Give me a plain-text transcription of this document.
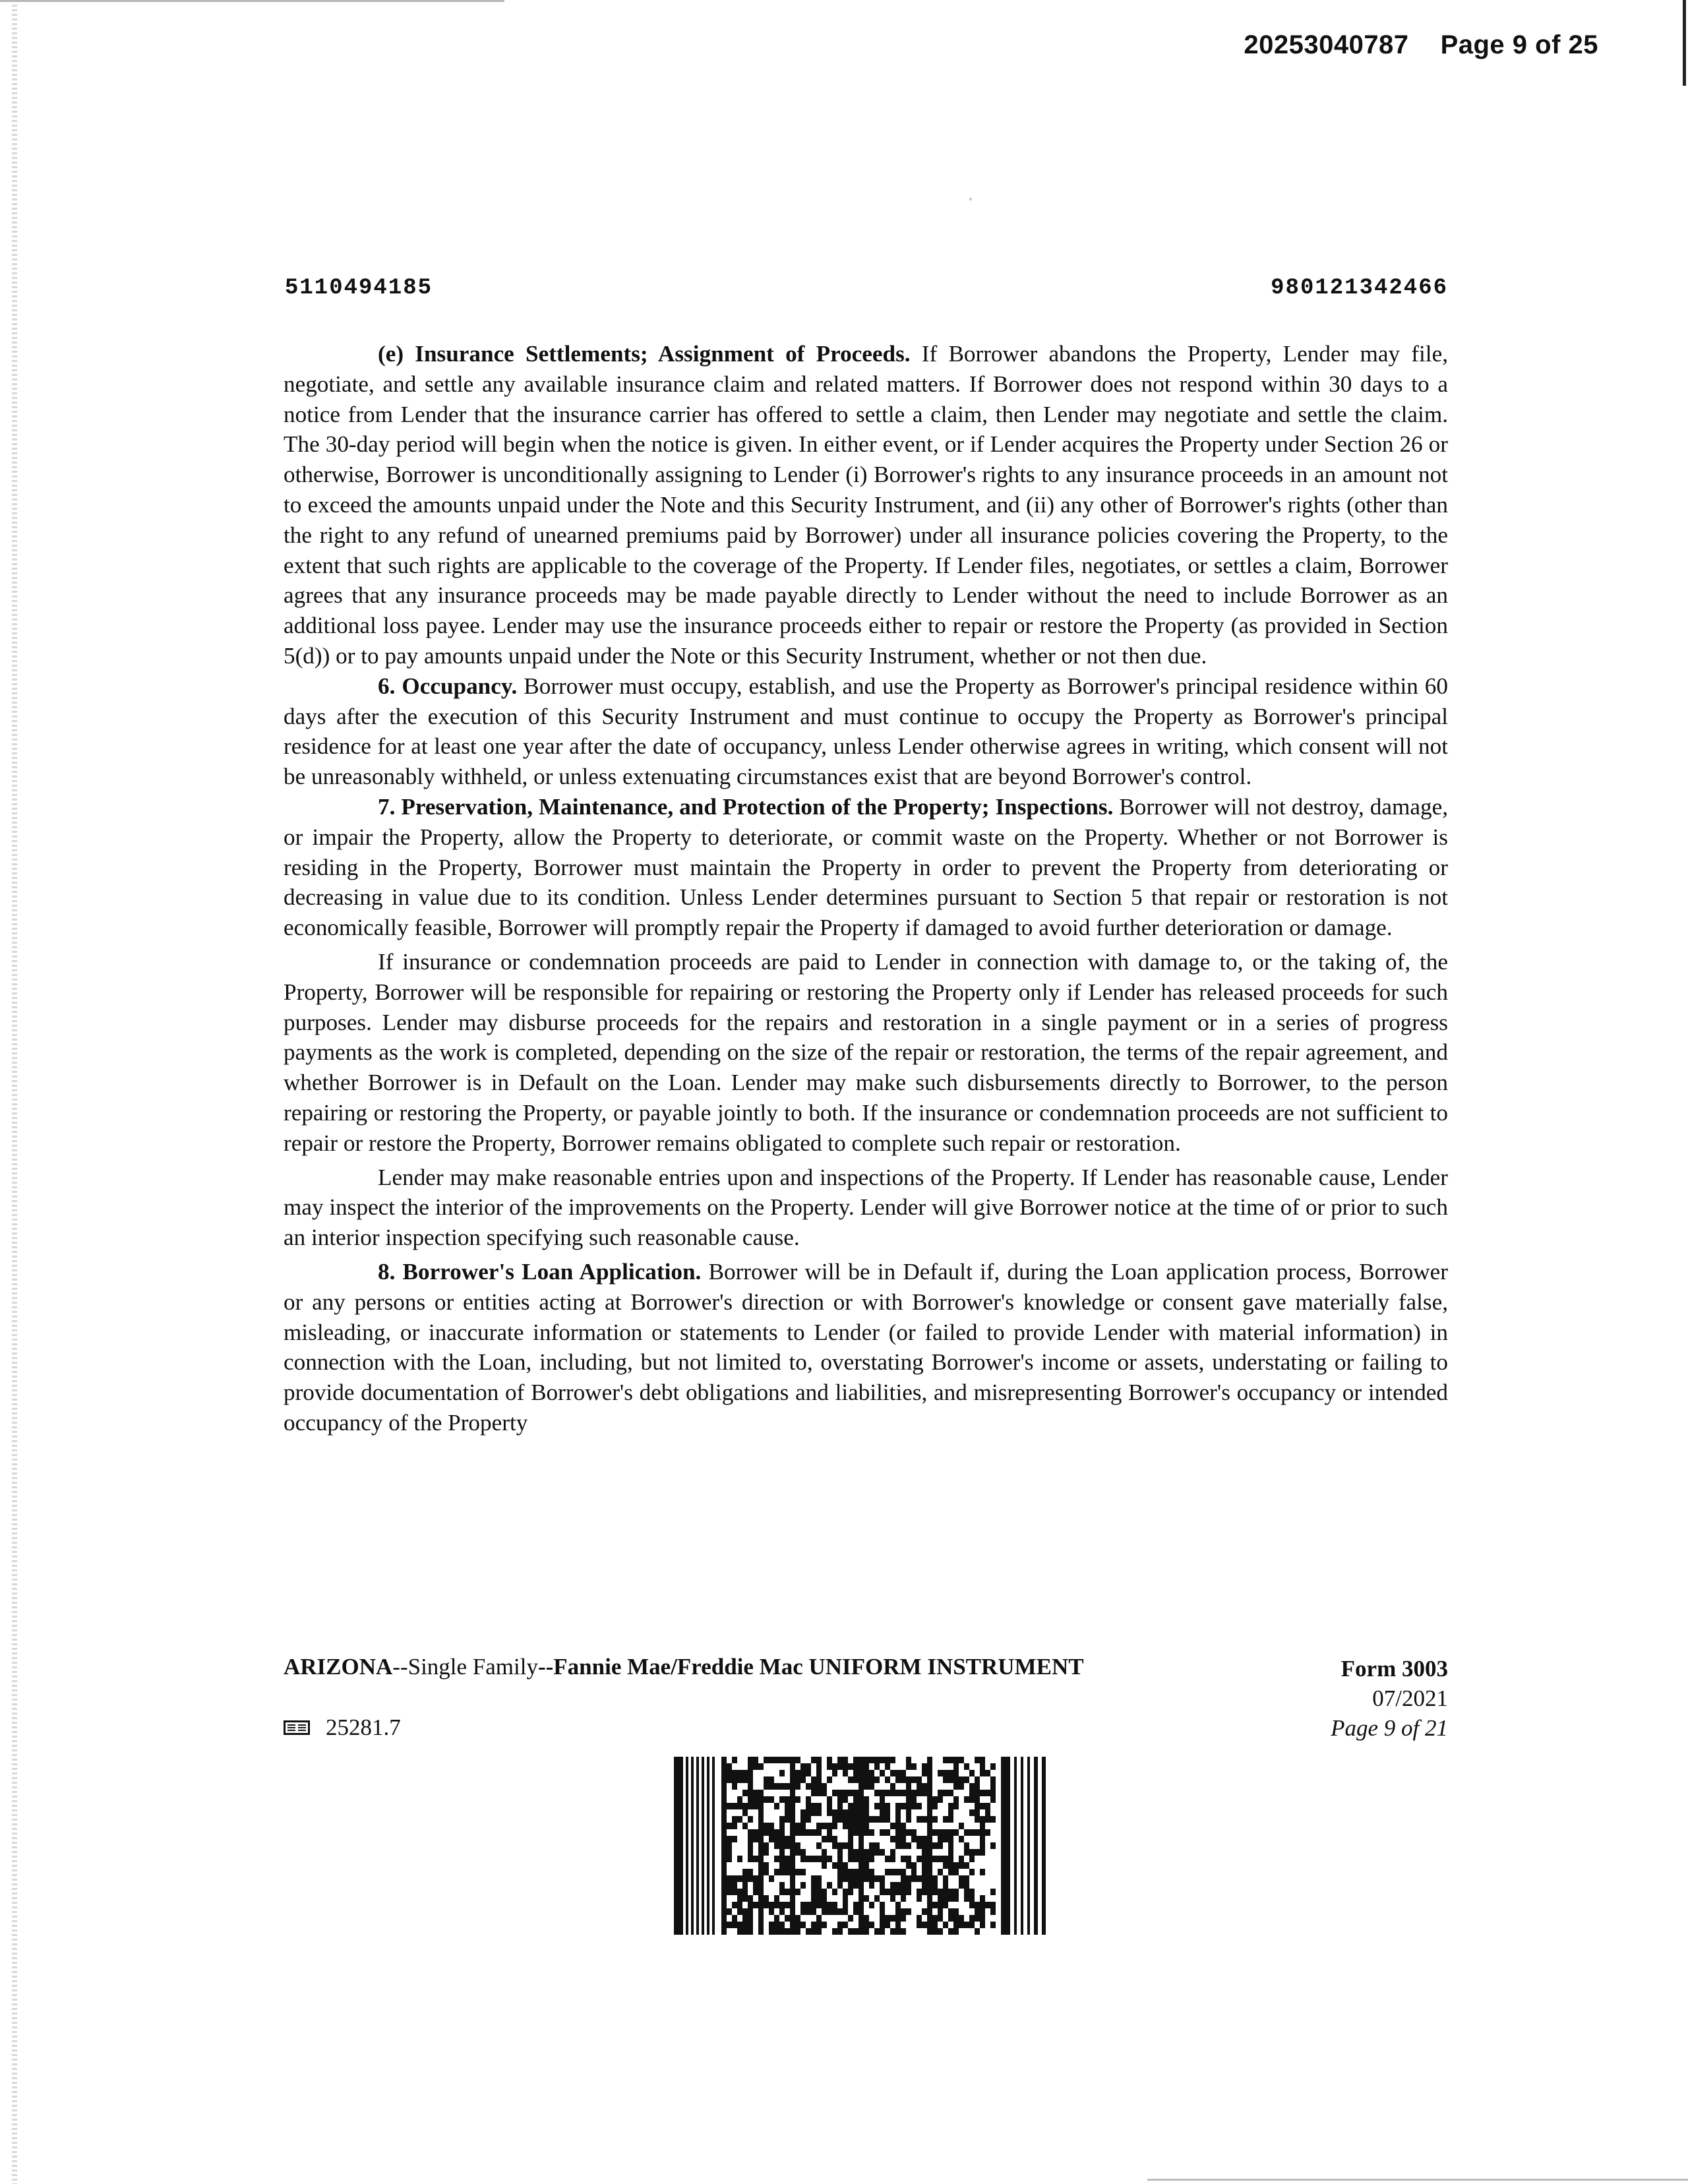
20253040787 Page 9 of 25
5110494185	980121342466

(e) Insurance Settlements; Assignment of Proceeds. If Borrower abandons the Property, Lender may file, negotiate, and settle any available insurance claim and related matters. If Borrower does not respond within 30 days to a notice from Lender that the insurance carrier has offered to settle a claim, then Lender may negotiate and settle the claim. The 30-day period will begin when the notice is given. In either event, or if Lender acquires the Property under Section 26 or otherwise, Borrower is unconditionally assigning to Lender (i) Borrower's rights to any insurance proceeds in an amount not to exceed the amounts unpaid under the Note and this Security Instrument, and (ii) any other of Borrower's rights (other than the right to any refund of unearned premiums paid by Borrower) under all insurance policies covering the Property, to the extent that such rights are applicable to the coverage of the Property. If Lender files, negotiates, or settles a claim, Borrower agrees that any insurance proceeds may be made payable directly to Lender without the need to include Borrower as an additional loss payee. Lender may use the insurance proceeds either to repair or restore the Property (as provided in Section 5(d)) or to pay amounts unpaid under the Note or this Security Instrument, whether or not then due.

6. Occupancy. Borrower must occupy, establish, and use the Property as Borrower's principal residence within 60 days after the execution of this Security Instrument and must continue to occupy the Property as Borrower's principal residence for at least one year after the date of occupancy, unless Lender otherwise agrees in writing, which consent will not be unreasonably withheld, or unless extenuating circumstances exist that are beyond Borrower's control.

7. Preservation, Maintenance, and Protection of the Property; Inspections. Borrower will not destroy, damage, or impair the Property, allow the Property to deteriorate, or commit waste on the Property. Whether or not Borrower is residing in the Property, Borrower must maintain the Property in order to prevent the Property from deteriorating or decreasing in value due to its condition. Unless Lender determines pursuant to Section 5 that repair or restoration is not economically feasible, Borrower will promptly repair the Property if damaged to avoid further deterioration or damage.

If insurance or condemnation proceeds are paid to Lender in connection with damage to, or the taking of, the Property, Borrower will be responsible for repairing or restoring the Property only if Lender has released proceeds for such purposes. Lender may disburse proceeds for the repairs and restoration in a single payment or in a series of progress payments as the work is completed, depending on the size of the repair or restoration, the terms of the repair agreement, and whether Borrower is in Default on the Loan. Lender may make such disbursements directly to Borrower, to the person repairing or restoring the Property, or payable jointly to both. If the insurance or condemnation proceeds are not sufficient to repair or restore the Property, Borrower remains obligated to complete such repair or restoration.

Lender may make reasonable entries upon and inspections of the Property. If Lender has reasonable cause, Lender may inspect the interior of the improvements on the Property. Lender will give Borrower notice at the time of or prior to such an interior inspection specifying such reasonable cause.

8. Borrower's Loan Application. Borrower will be in Default if, during the Loan application process, Borrower or any persons or entities acting at Borrower's direction or with Borrower's knowledge or consent gave materially false, misleading, or inaccurate information or statements to Lender (or failed to provide Lender with material information) in connection with the Loan, including, but not limited to, overstating Borrower's income or assets, understating or failing to provide documentation of Borrower's debt obligations and liabilities, and misrepresenting Borrower's occupancy or intended occupancy of the Property

ARIZONA--Single Family--Fannie Mae/Freddie Mac UNIFORM INSTRUMENT	Form 3003
07/2021
Page 9 of 21
25281.7
